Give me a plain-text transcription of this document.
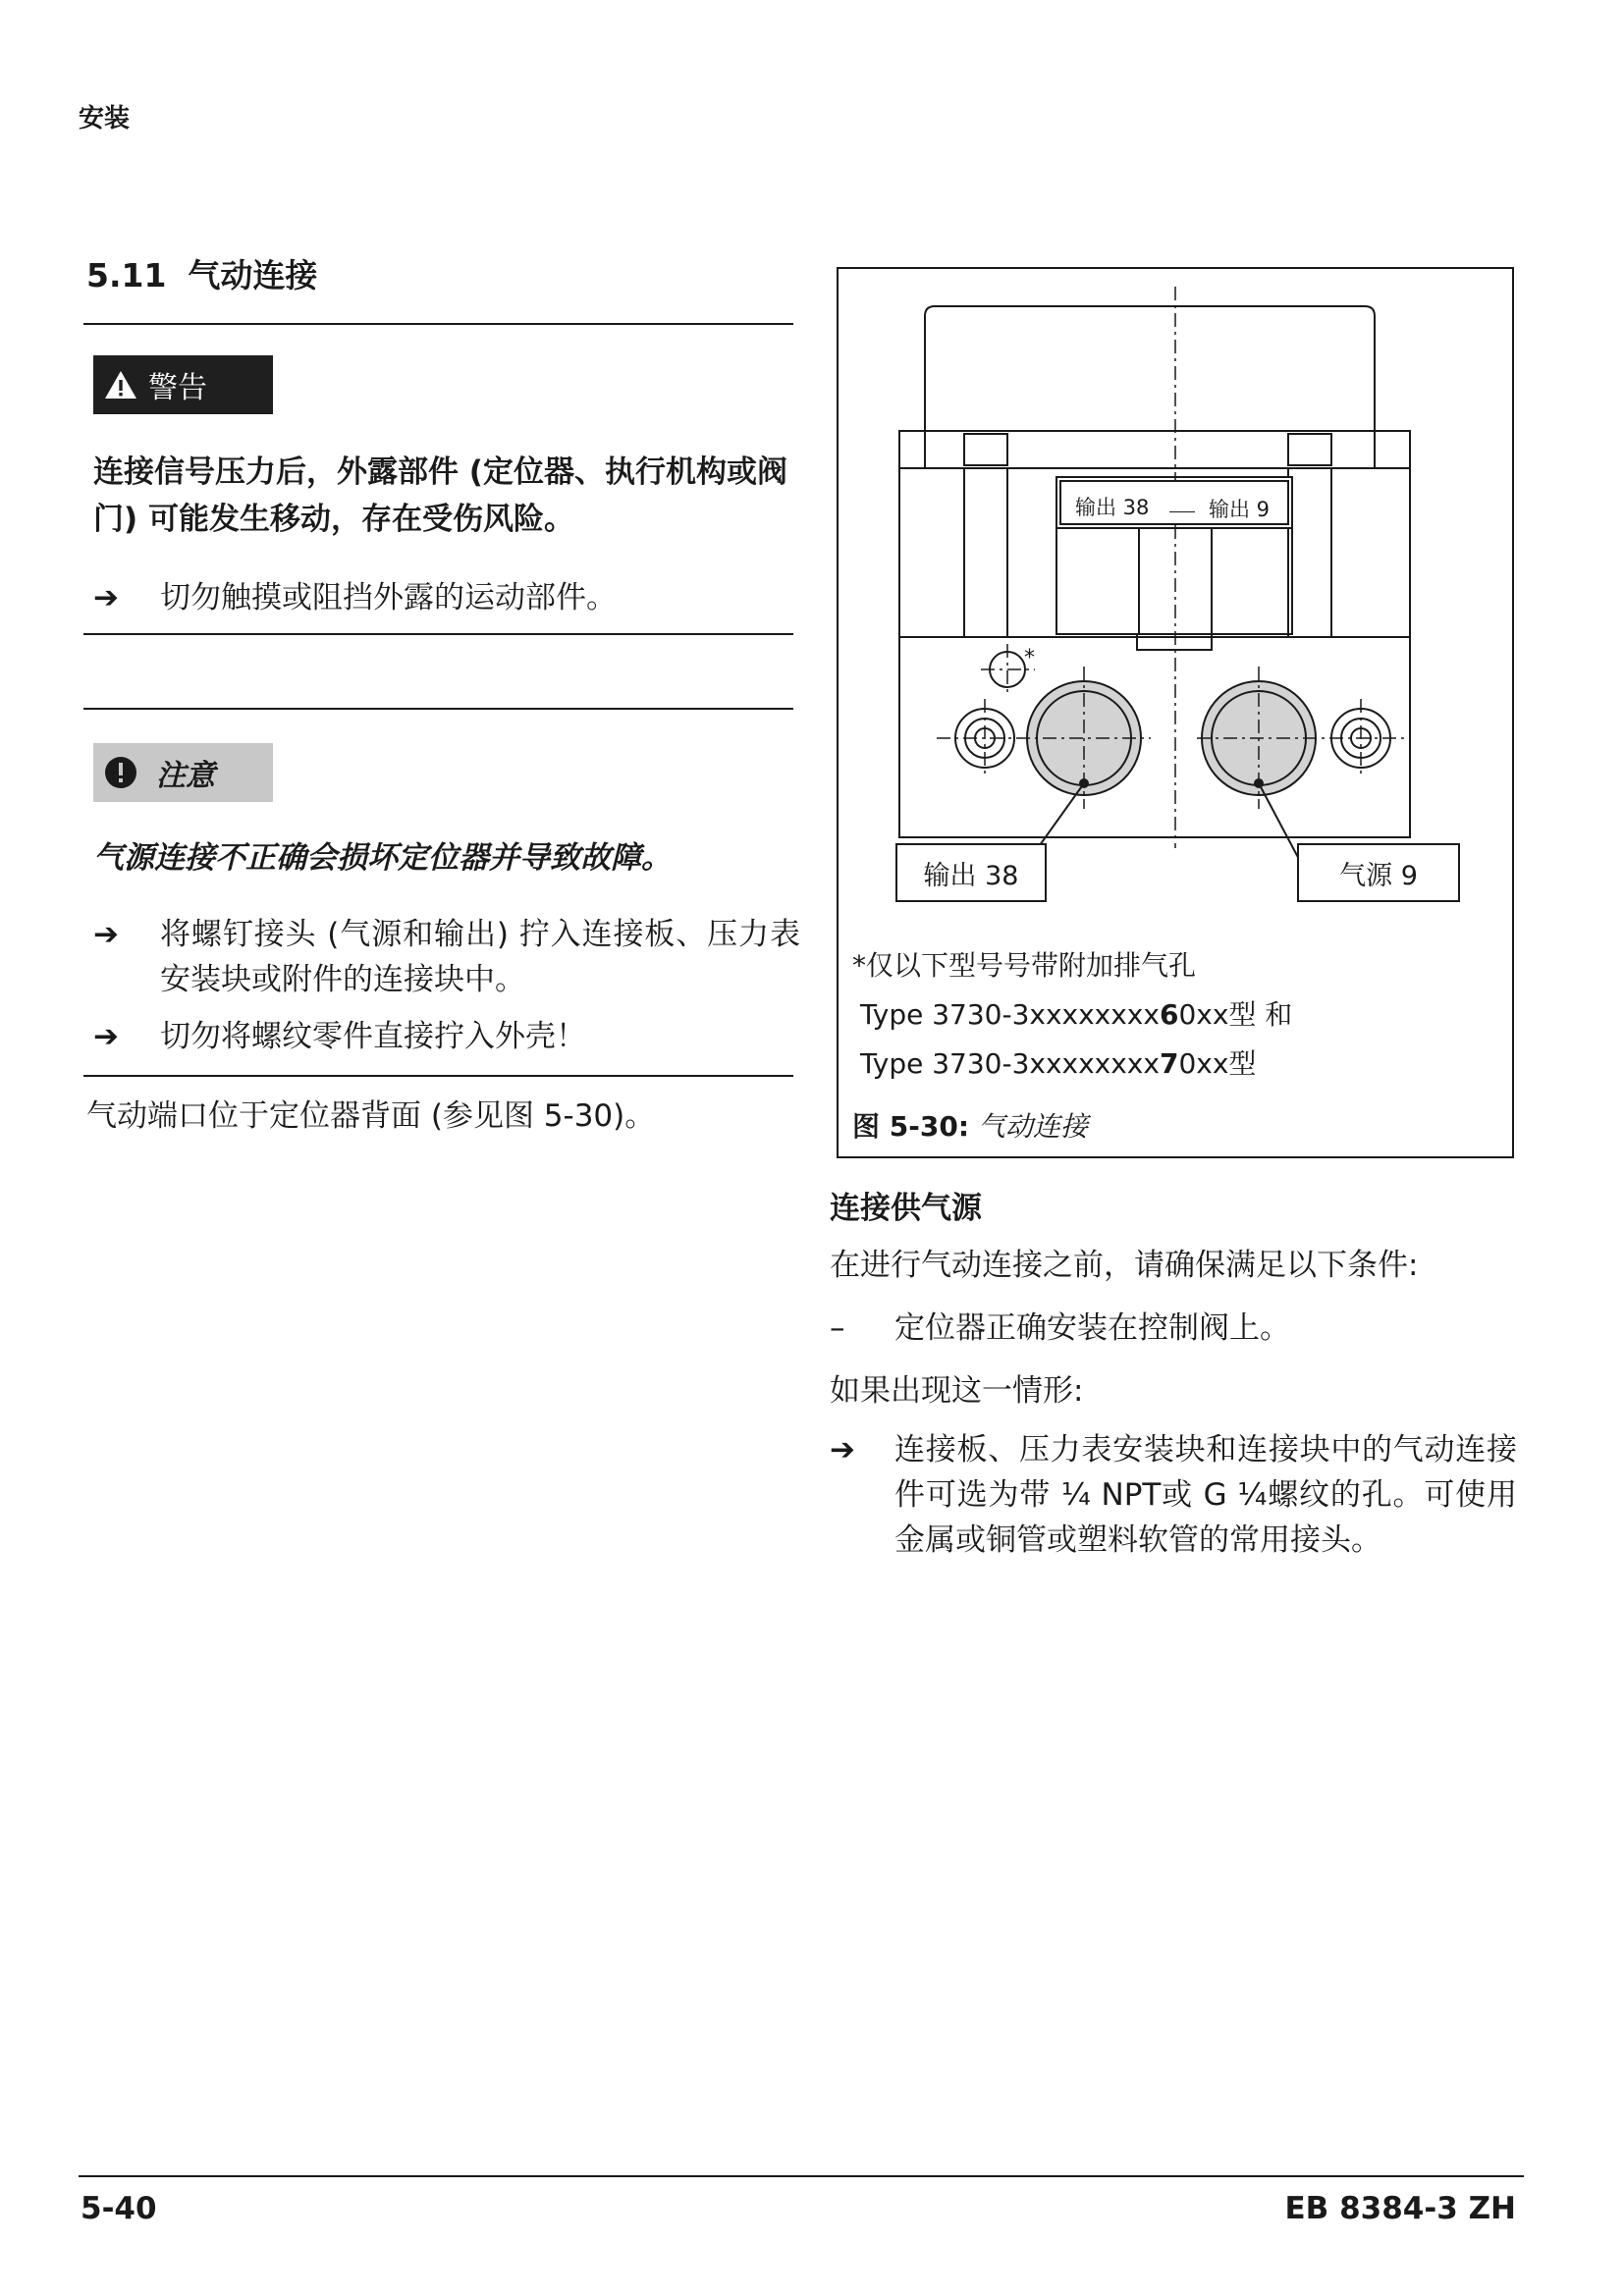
安装
5.11 气动连接
警告
连接信号压力后，外露部件 (定位器、执行机构或阀门) 可能发生移动，存在受伤风险。
➔	切勿触摸或阻挡外露的运动部件。
注意
气源连接不正确会损坏定位器并导致故障。
➔	将螺钉接头 (气源和输出) 拧入连接板、压力表安装块或附件的连接块中。
➔	切勿将螺纹零件直接拧入外壳！
气动端口位于定位器背面 (参见图 5-30)。
*
输出 38	输出 9
输出 38	气源 9
*仅以下型号号带附加排气孔
Type 3730-3xxxxxxxx60xx型 和
Type 3730-3xxxxxxxx70xx型
图 5-30: 气动连接
连接供气源
在进行气动连接之前，请确保满足以下条件:
–	定位器正确安装在控制阀上。
如果出现这一情形:
➔	连接板、压力表安装块和连接块中的气动连接件可选为带 ¼ NPT或 G ¼螺纹的孔。可使用金属或铜管或塑料软管的常用接头。
5-40	EB 8384-3 ZH
